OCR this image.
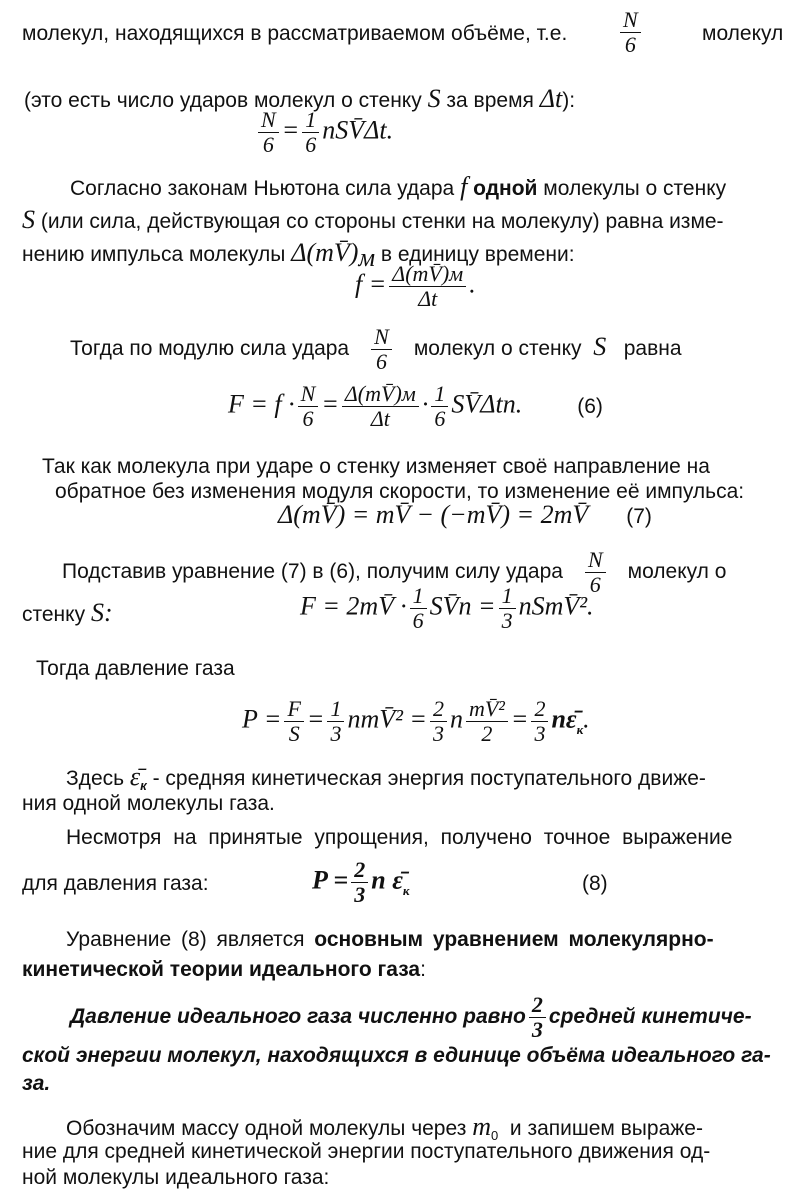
молекул, находящихся в рассматриваемом объёме, т.е. $\frac{N}{6}$	молекул
(это есть число ударов молекул о стенку S за время Δt):
$\frac{N}{6} = \frac{1}{6}$ nSV̄Δt.
Согласно законам Ньютона сила удара f одной молекулы о стенку
S (или сила, действующая со стороны стенки на молекулу) равна изме-
нению импульса молекулы $\Delta(mV̄)_м$ в единицу времени:
f = Δ(mV̄)м
Δt
.
Тогда по модулю сила удара $\frac{N}{6}$ молекул о стенку S равна
$F = f \cdot \frac{N}{6}$ = Δ(mV̄)м
Δt
· $\frac{1}{6}$ SV̄Δtn.	(6)
Так как молекула при ударе о стенку изменяет своё направление на
обратное без изменения модуля скорости, то изменение её импульса:
Δ(mV̄) = mV̄ − (−mV̄) = 2mV̄ (7)
Подставив уравнение (7) в (6), получим силу удара $\frac{N}{6}$ молекул о
стенку S:	F = 2mV̄ · $\frac{1}{6}$ SV̄n = $\frac{1}{3}$ nSmV̄².
Тогда давление газа
$P = \frac{F}{S} = \frac{1}{3}$ nmV̄² = $\frac{2}{3}$ n $\frac{\text{mV̄²}}{2} = \frac{2}{3}$ $n\varepsilon̄_к$.
Здесь $\varepsilon̄_к$ - средняя кинетическая энергия поступательного движе-
ния одной молекулы газа.
Несмотря на принятые упрощения, получено точное выражение
для давления газа:	$P = \frac{2}{3}$ n $\varepsilon̄_к$	(8)
Уравнение (8) является основным уравнением молекулярно-
кинетической теории идеального газа:
Давление идеального газа численно равно $\frac{2}{3}$ средней кинетиче-
ской энергии молекул, находящихся в единице объёма идеального га-
за.
Обозначим массу одной молекулы через $m_0$ и запишем выраже-
ние для средней кинетической энергии поступательного движения од-
ной молекулы идеального газа:
